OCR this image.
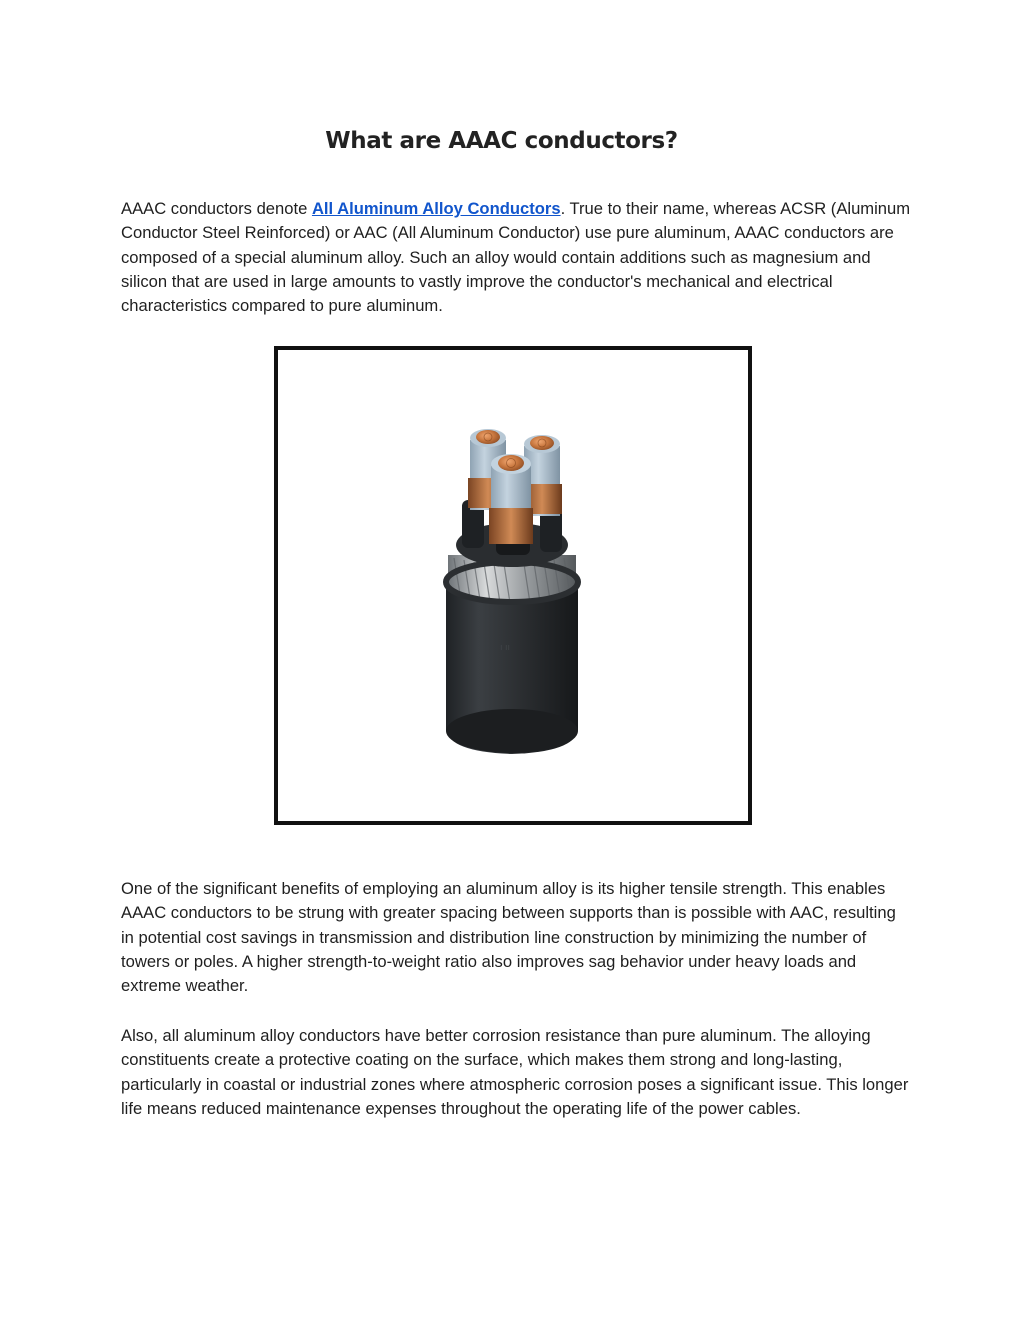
What are AAAC conductors?

AAAC conductors denote All Aluminum Alloy Conductors. True to their name, whereas ACSR (Aluminum Conductor Steel Reinforced) or AAC (All Aluminum Conductor) use pure aluminum, AAAC conductors are composed of a special aluminum alloy. Such an alloy would contain additions such as magnesium and silicon that are used in large amounts to vastly improve the conductor's mechanical and electrical characteristics compared to pure aluminum.

ı ıı

One of the significant benefits of employing an aluminum alloy is its higher tensile strength. This enables AAAC conductors to be strung with greater spacing between supports than is possible with AAC, resulting in potential cost savings in transmission and distribution line construction by minimizing the number of towers or poles. A higher strength-to-weight ratio also improves sag behavior under heavy loads and extreme weather.

Also, all aluminum alloy conductors have better corrosion resistance than pure aluminum. The alloying constituents create a protective coating on the surface, which makes them strong and long-lasting, particularly in coastal or industrial zones where atmospheric corrosion poses a significant issue. This longer life means reduced maintenance expenses throughout the operating life of the power cables.
